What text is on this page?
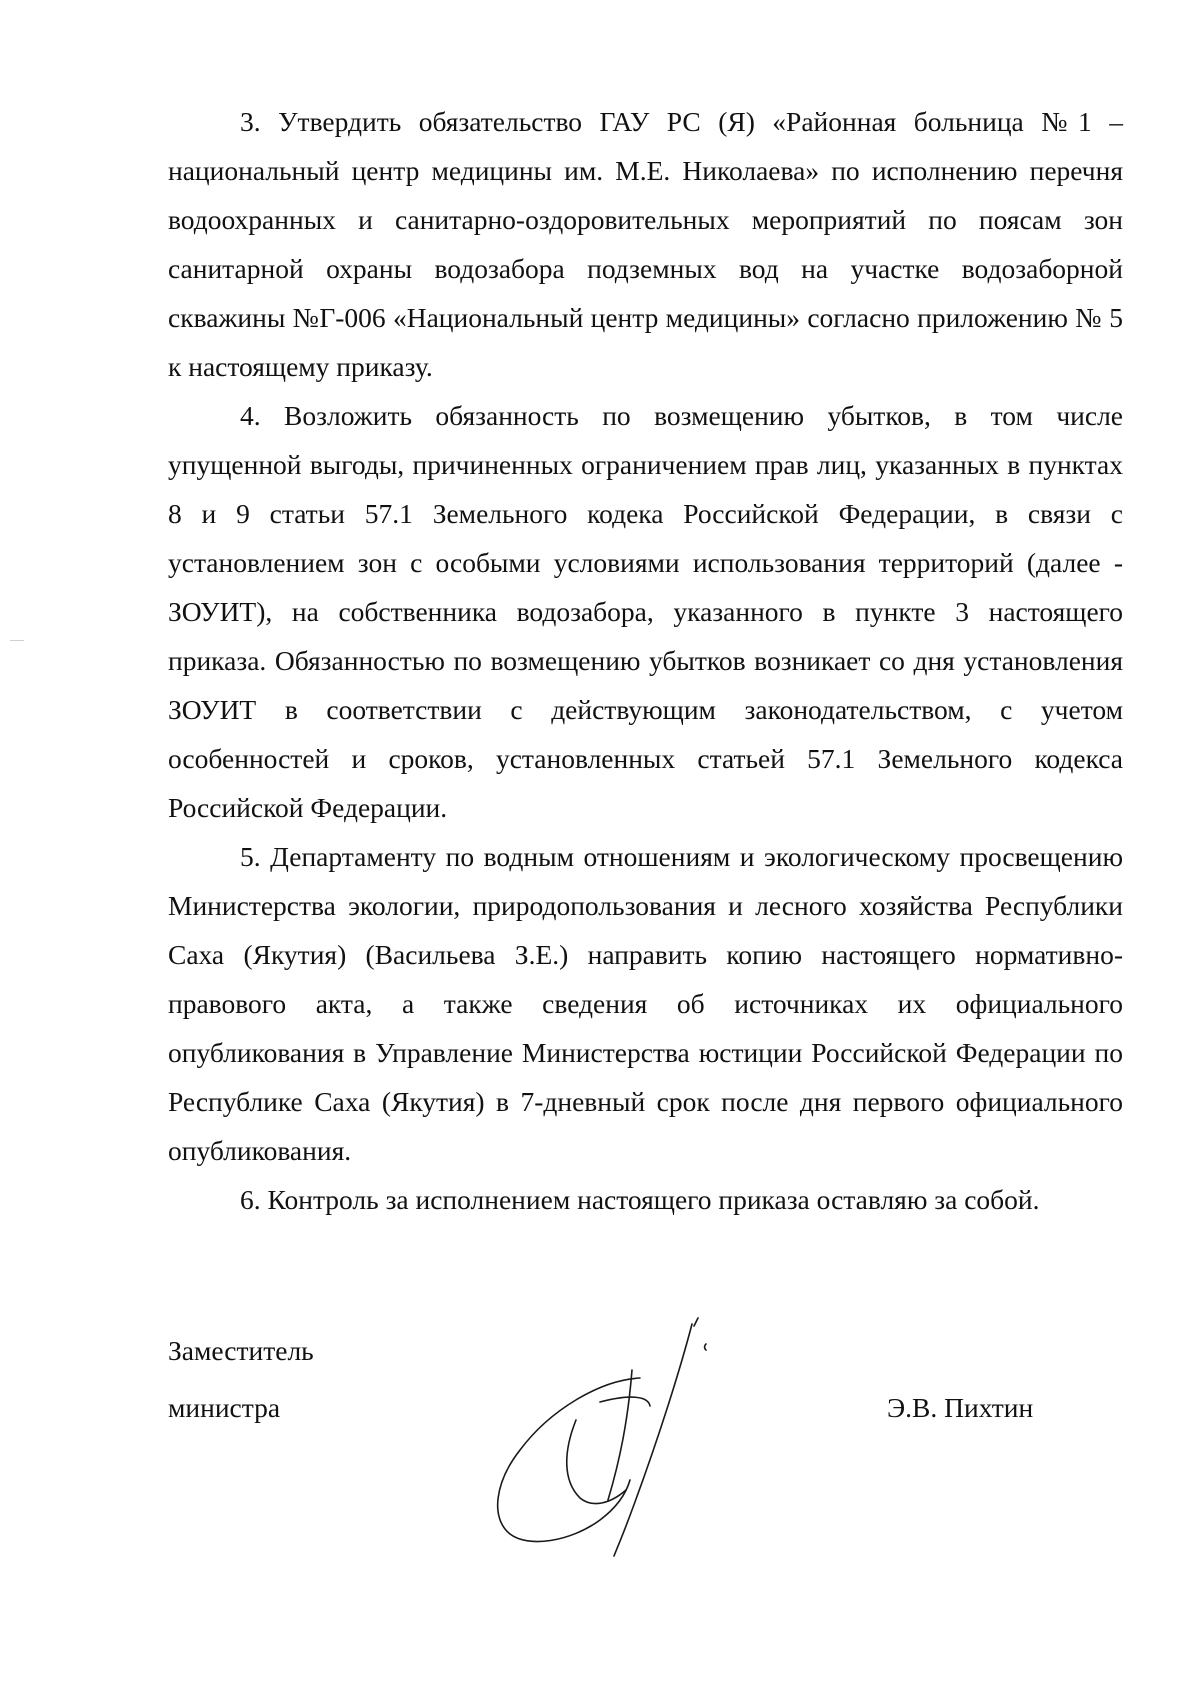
3. Утвердить обязательство ГАУ РС (Я) «Районная больница №1 – национальный центр медицины им. М.Е. Николаева» по исполнению перечня водоохранных и санитарно-оздоровительных мероприятий по поясам зон санитарной охраны водозабора подземных вод на участке водозаборной скважины №Г-006 «Национальный центр медицины» согласно приложению № 5 к настоящему приказу.

4. Возложить обязанность по возмещению убытков, в том числе упущенной выгоды, причиненных ограничением прав лиц, указанных в пунктах 8 и 9 статьи 57.1 Земельного кодека Российской Федерации, в связи с установлением зон с особыми условиями использования территорий (далее - ЗОУИТ), на собственника водозабора, указанного в пункте 3 настоящего приказа. Обязанностью по возмещению убытков возникает со дня установления ЗОУИТ в соответствии с действующим законодательством, с учетом особенностей и сроков, установленных статьей 57.1 Земельного кодекса Российской Федерации.

5. Департаменту по водным отношениям и экологическому просвещению Министерства экологии, природопользования и лесного хозяйства Республики Саха (Якутия) (Васильева З.Е.) направить копию настоящего нормативно-правового акта, а также сведения об источниках их официального опубликования в Управление Министерства юстиции Российской Федерации по Республике Саха (Якутия) в 7-дневный срок после дня первого официального опубликования.

6. Контроль за исполнением настоящего приказа оставляю за собой.

Заместитель
министра	Э.В. Пихтин
